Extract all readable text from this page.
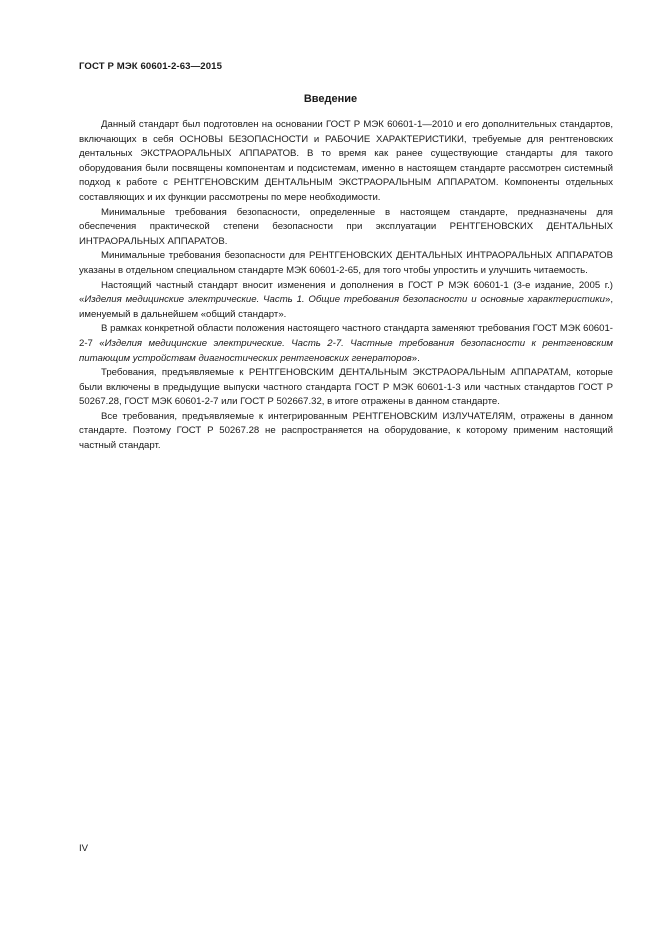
ГОСТ Р МЭК 60601-2-63—2015
Введение

Данный стандарт был подготовлен на основании ГОСТ Р МЭК 60601-1—2010 и его дополнительных стандартов, включающих в себя ОСНОВЫ БЕЗОПАСНОСТИ и РАБОЧИЕ ХАРАКТЕРИСТИКИ, требуемые для рентгеновских дентальных ЭКСТРАОРАЛЬНЫХ АППАРАТОВ. В то время как ранее существующие стандарты для такого оборудования были посвящены компонентам и подсистемам, именно в настоящем стандарте рассмотрен системный подход к работе с РЕНТГЕНОВСКИМ ДЕНТАЛЬНЫМ ЭКСТРАОРАЛЬНЫМ АППАРАТОМ. Компоненты отдельных составляющих и их функции рассмотрены по мере необходимости.

Минимальные требования безопасности, определенные в настоящем стандарте, предназначены для обеспечения практической степени безопасности при эксплуатации РЕНТГЕНОВСКИХ ДЕНТАЛЬНЫХ ИНТРАОРАЛЬНЫХ АППАРАТОВ.

Минимальные требования безопасности для РЕНТГЕНОВСКИХ ДЕНТАЛЬНЫХ ИНТРАОРАЛЬНЫХ АППАРАТОВ указаны в отдельном специальном стандарте МЭК 60601-2-65, для того чтобы упростить и улучшить читаемость.

Настоящий частный стандарт вносит изменения и дополнения в ГОСТ Р МЭК 60601-1 (3-е издание, 2005 г.) «Изделия медицинские электрические. Часть 1. Общие требования безопасности и основные характеристики», именуемый в дальнейшем «общий стандарт».

В рамках конкретной области положения настоящего частного стандарта заменяют требования ГОСТ МЭК 60601-2-7 «Изделия медицинские электрические. Часть 2-7. Частные требования безопасности к рентгеновским питающим устройствам диагностических рентгеновских генераторов».

Требования, предъявляемые к РЕНТГЕНОВСКИМ ДЕНТАЛЬНЫМ ЭКСТРАОРАЛЬНЫМ АППАРАТАМ, которые были включены в предыдущие выпуски частного стандарта ГОСТ Р МЭК 60601-1-3 или частных стандартов ГОСТ Р 50267.28, ГОСТ МЭК 60601-2-7 или ГОСТ Р 502667.32, в итоге отражены в данном стандарте.

Все требования, предъявляемые к интегрированным РЕНТГЕНОВСКИМ ИЗЛУЧАТЕЛЯМ, отражены в данном стандарте. Поэтому ГОСТ Р 50267.28 не распространяется на оборудование, к которому применим настоящий частный стандарт.

IV
